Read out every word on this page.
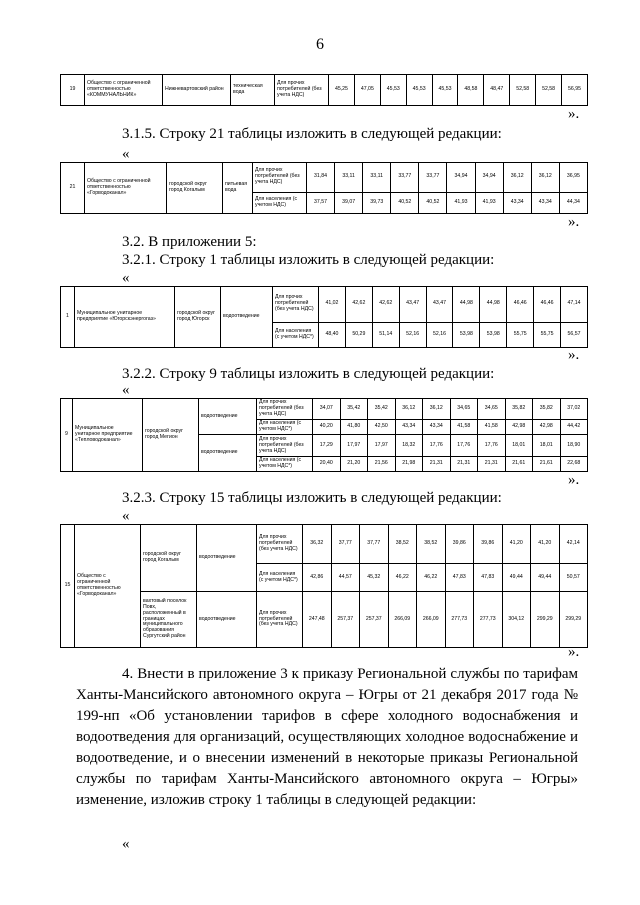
6
19	Общество с ограниченной ответственностью «КОММУНАЛЬНИК»	Нижневартовский район	техническая вода	Для прочих потребителей (без учета НДС)	45,25	47,05	45,53	45,53	45,53	48,58	48,47	52,58	52,58	56,95
».
3.1.5. Строку 21 таблицы изложить в следующей редакции:
«
21	Общество с ограниченной ответственностью «Горводоканал»	городской округ город Когалым	питьевая вода	Для прочих потребителей (без учета НДС)	31,84	33,11	33,11	33,77	33,77	34,94	34,94	36,12	36,12	36,95
				Для населения (с учетом НДС)	37,57	39,07	39,73	40,52	40,52	41,93	41,93	43,34	43,34	44,34
».
3.2. В приложении 5:
3.2.1. Строку 1 таблицы изложить в следующей редакции:
«
1	Муниципальное унитарное предприятие «Югорскэнергогаз»	городской округ город Югорск	водоотведение	Для прочих потребителей (без учета НДС)	41,02	42,62	42,62	43,47	43,47	44,98	44,98	46,46	46,46	47,14
				Для населения (с учетом НДС*)	48,40	50,29	51,14	52,16	52,16	53,98	53,98	55,75	55,75	56,57
».
3.2.2. Строку 9 таблицы изложить в следующей редакции:
«
9	Муниципальное унитарное предприятие «Тепловодоканал»	городской округ город Мегион	водоотведение	Для прочих потребителей (без учета НДС)	34,07	35,42	35,42	36,12	36,12	34,65	34,65	35,82	35,82	37,02
				Для населения (с учетом НДС*)	40,20	41,80	42,50	43,34	43,34	41,58	41,58	42,98	42,98	44,42
			водоотведение	Для прочих потребителей (без учета НДС)	17,29	17,97	17,97	18,32	17,76	17,76	17,76	18,01	18,01	18,90
				Для населения (с учетом НДС*)	20,40	21,20	21,56	21,98	21,31	21,31	21,31	21,61	21,61	22,68
».
3.2.3. Строку 15 таблицы изложить в следующей редакции:
«
15	Общество с ограниченной ответственностью «Горводоканал»	городской округ город Когалым	водоотведение	Для прочих потребителей (без учета НДС)	36,32	37,77	37,77	38,52	38,52	39,86	39,86	41,20	41,20	42,14
				Для населения (с учетом НДС*)	42,86	44,57	45,32	46,22	46,22	47,83	47,83	49,44	49,44	50,57
		вахтовый поселок Повх, расположенный в границах муниципального образования Сургутский район	водоотведение	Для прочих потребителей (без учета НДС)	247,48	257,37	257,37	266,09	266,09	277,73	277,73	304,12	299,29	299,29
».
4. Внести в приложение 3 к приказу Региональной службы по тарифам Ханты-Мансийского автономного округа – Югры от 21 декабря 2017 года № 199-нп «Об установлении тарифов в сфере холодного водоснабжения и водоотведения для организаций, осуществляющих холодное водоснабжение и водоотведение, и о внесении изменений в некоторые приказы Региональной службы по тарифам Ханты-Мансийского автономного округа – Югры» изменение, изложив строку 1 таблицы в следующей редакции:
«
